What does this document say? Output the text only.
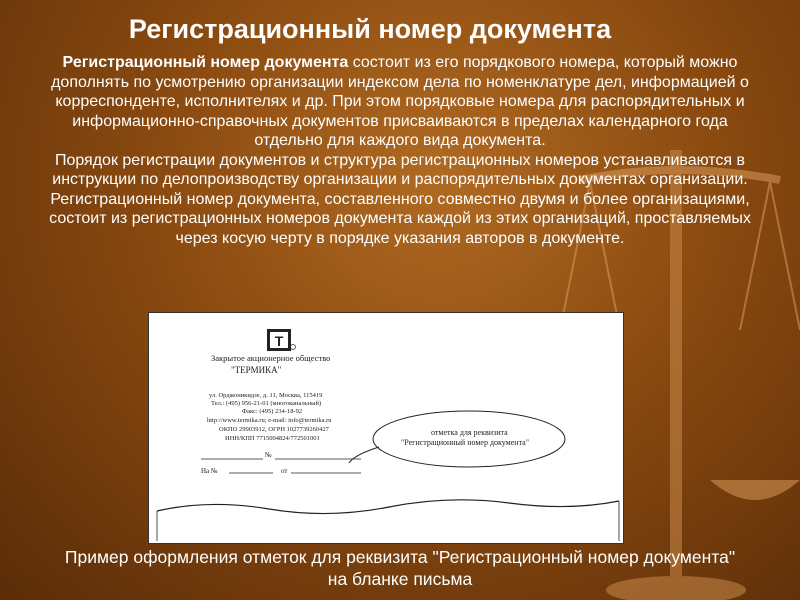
Регистрационный номер документа

Регистрационный номер документа состоит из его порядкового номера, который можно дополнять по усмотрению организации индексом дела по номенклатуре дел, информацией о корреспонденте, исполнителях и др. При этом порядковые номера для распорядительных и информационно-справочных документов присваиваются в пределах календарного года отдельно для каждого вида документа.

Порядок регистрации документов и структура регистрационных номеров устанавливаются в инструкции по делопроизводству организации и распорядительных документах организации.

Регистрационный номер документа, составленного совместно двумя и более организациями, состоит из регистрационных номеров документа каждой из этих организаций, проставляемых через косую черту в порядке указания авторов в документе.

Т
Закрытое акционерное общество
"ТЕРМИКА"
ул. Орджоникидзе, д. 11, Москва, 115419
Тел.: (495) 956-21-01 (многоканальный)
Факс: (495) 234-18-92
http://www.termika.ru; e-mail: info@termika.ru
ОКПО 29903912, ОГРН 1027739260427
ИНН/КПП 7715004824/772501001
№
На №	от
отметка для реквизита
"Регистрационный номер документа"

Пример оформления отметок для реквизита "Регистрационный номер документа"

на бланке письма
